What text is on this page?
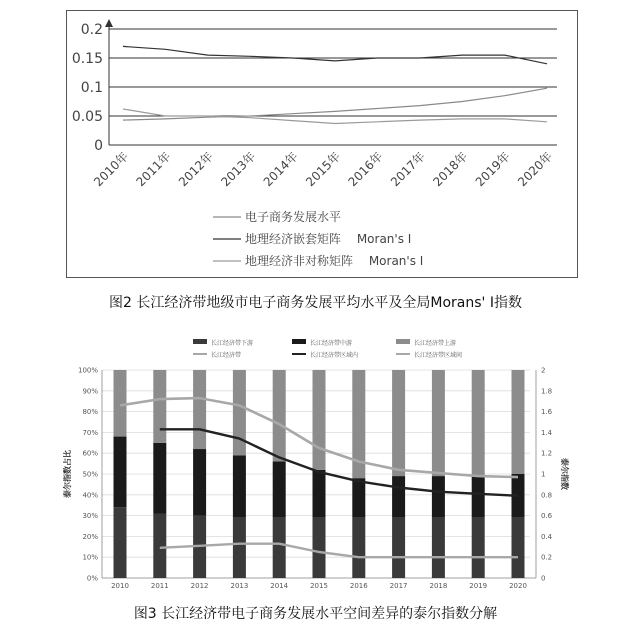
0
0.05
0.1
0.15
0.2
2010年 2011年 2012年 2013年 2014年 2015年 2016年 2017年 2018年 2019年 2020年
电子商务发展水平
地理经济嵌套矩阵　 Moran's I
地理经济非对称矩阵　 Moran's I
图2 长江经济带地级市电子商务发展平均水平及全局Morans' I指数
长江经济带下游	长江经济带中游	长江经济带上游
长江经济带	长江经济带区域内	长江经济带区域间
0%
10%
20%
30%
40%
50%
60%
70%
80%
90%
100%
0
0.2
0.4
0.6
0.8
1
1.2
1.4
1.6
1.8
2
泰尔指数占比	泰尔指数
2010	2011	2012	2013	2014	2015	2016	2017	2018	2019	2020
图3 长江经济带电子商务发展水平空间差异的泰尔指数分解
